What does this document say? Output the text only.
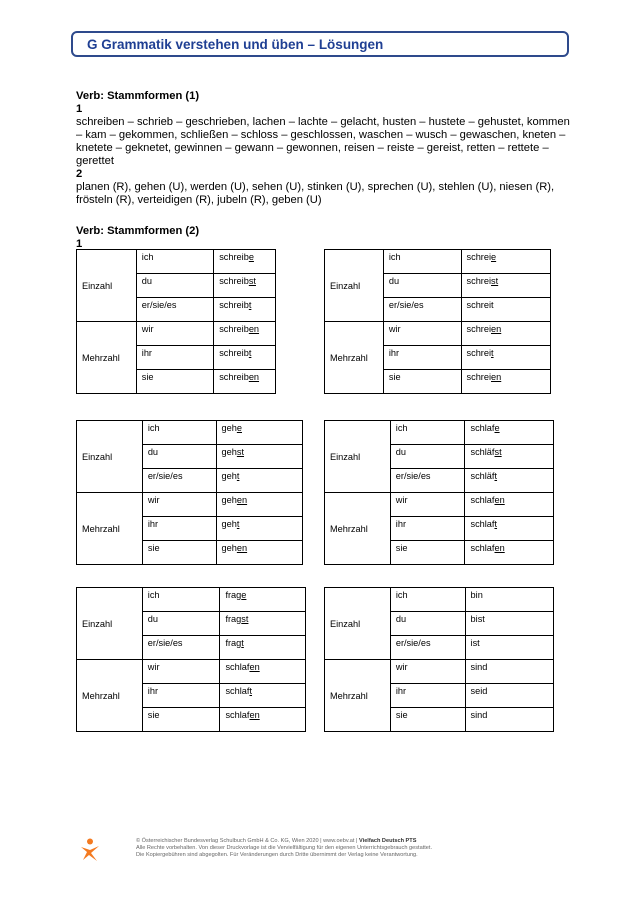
G Grammatik verstehen und üben – Lösungen

Verb: Stammformen (1)

1

schreiben – schrieb – geschrieben, lachen – lachte – gelacht, husten – hustete – gehustet, kommen – kam – gekommen, schließen – schloss – geschlossen, waschen – wusch – gewaschen, kneten – knetete – geknetet, gewinnen – gewann – gewonnen, reisen – reiste – gereist, retten – rettete – gerettet

2

planen (R), gehen (U), werden (U), sehen (U), stinken (U), sprechen (U), stehlen (U), niesen (R), frösteln (R), verteidigen (R), jubeln (R), geben (U)

Verb: Stammformen (2)

1

Einzahl	ich	schreibe
	du	schreibst
	er/sie/es	schreibt
Mehrzahl	wir	schreiben
	ihr	schreibt
	sie	schreiben
Einzahl	ich	schreie
	du	schreist
	er/sie/es	schreit
Mehrzahl	wir	schreien
	ihr	schreit
	sie	schreien
Einzahl	ich	gehe
	du	gehst
	er/sie/es	geht
Mehrzahl	wir	gehen
	ihr	geht
	sie	gehen
Einzahl	ich	schlafe
	du	schläfst
	er/sie/es	schläft
Mehrzahl	wir	schlafen
	ihr	schlaft
	sie	schlafen
Einzahl	ich	frage
	du	fragst
	er/sie/es	fragt
Mehrzahl	wir	schlafen
	ihr	schlaft
	sie	schlafen
Einzahl	ich	bin
	du	bist
	er/sie/es	ist
Mehrzahl	wir	sind
	ihr	seid
	sie	sind
© Österreichischer Bundesverlag Schulbuch GmbH & Co. KG, Wien 2020 | www.oebv.at | Vielfach Deutsch PTS
Alle Rechte vorbehalten. Von dieser Druckvorlage ist die Vervielfältigung für den eigenen Unterrichtsgebrauch gestattet.
Die Kopiergebühren sind abgegolten. Für Veränderungen durch Dritte übernimmt der Verlag keine Verantwortung.
